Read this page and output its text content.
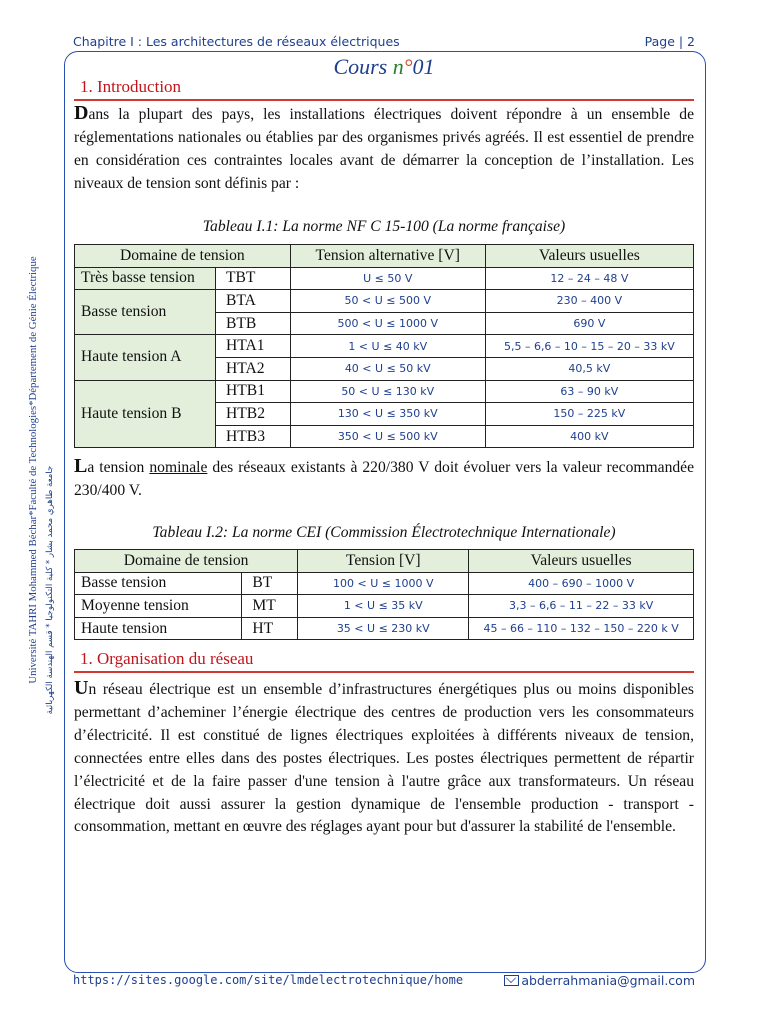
Chapitre I : Les architectures de réseaux électriques	Page | 2
Cours n°01
Université TAHRI Mohammed Béchar*Faculté de Technologies*Département de Génie Électrique جامعة طاهري محمد بشار * كلية التكنولوجيا * قسم الهندسة الكهربائية
1. Introduction
Dans la plupart des pays, les installations électriques doivent répondre à un ensemble de réglementations nationales ou établies par des organismes privés agréés. Il est essentiel de prendre en considération ces contraintes locales avant de démarrer la conception de l’installation. Les niveaux de tension sont définis par :
Tableau I.1: La norme NF C 15-100 (La norme française)
Domaine de tension		Tension alternative [V]	Valeurs usuelles
Très basse tension	TBT	U ≤ 50 V	12 – 24 – 48 V
Basse tension	BTA	50 < U ≤ 500 V	230 – 400 V
	BTB	500 < U ≤ 1000 V	690 V
Haute tension A	HTA1	1 < U ≤ 40 kV	5,5 – 6,6 – 10 – 15 – 20 – 33 kV
	HTA2	40 < U ≤ 50 kV	40,5 kV
Haute tension B	HTB1	50 < U ≤ 130 kV	63 – 90 kV
	HTB2	130 < U ≤ 350 kV	150 – 225 kV
	HTB3	350 < U ≤ 500 kV	400 kV
La tension nominale des réseaux existants à 220/380 V doit évoluer vers la valeur recommandée 230/400 V.
Tableau I.2: La norme CEI (Commission Électrotechnique Internationale)
Domaine de tension		Tension [V]	Valeurs usuelles
Basse tension	BT	100 < U ≤ 1000 V	400 – 690 – 1000 V
Moyenne tension	MT	1 < U ≤ 35 kV	3,3 – 6,6 – 11 – 22 – 33 kV
Haute tension	HT	35 < U ≤ 230 kV	45 – 66 – 110 – 132 – 150 – 220 k V
1. Organisation du réseau
Un réseau électrique est un ensemble d’infrastructures énergétiques plus ou moins disponibles permettant d’acheminer l’énergie électrique des centres de production vers les consommateurs d’électricité. Il est constitué de lignes électriques exploitées à différents niveaux de tension, connectées entre elles dans des postes électriques. Les postes électriques permettent de répartir l’électricité et de la faire passer d'une tension à l'autre grâce aux transformateurs. Un réseau électrique doit aussi assurer la gestion dynamique de l'ensemble production - transport - consommation, mettant en œuvre des réglages ayant pour but d'assurer la stabilité de l'ensemble.
https://sites.google.com/site/lmdelectrotechnique/home	abderrahmania@gmail.com
